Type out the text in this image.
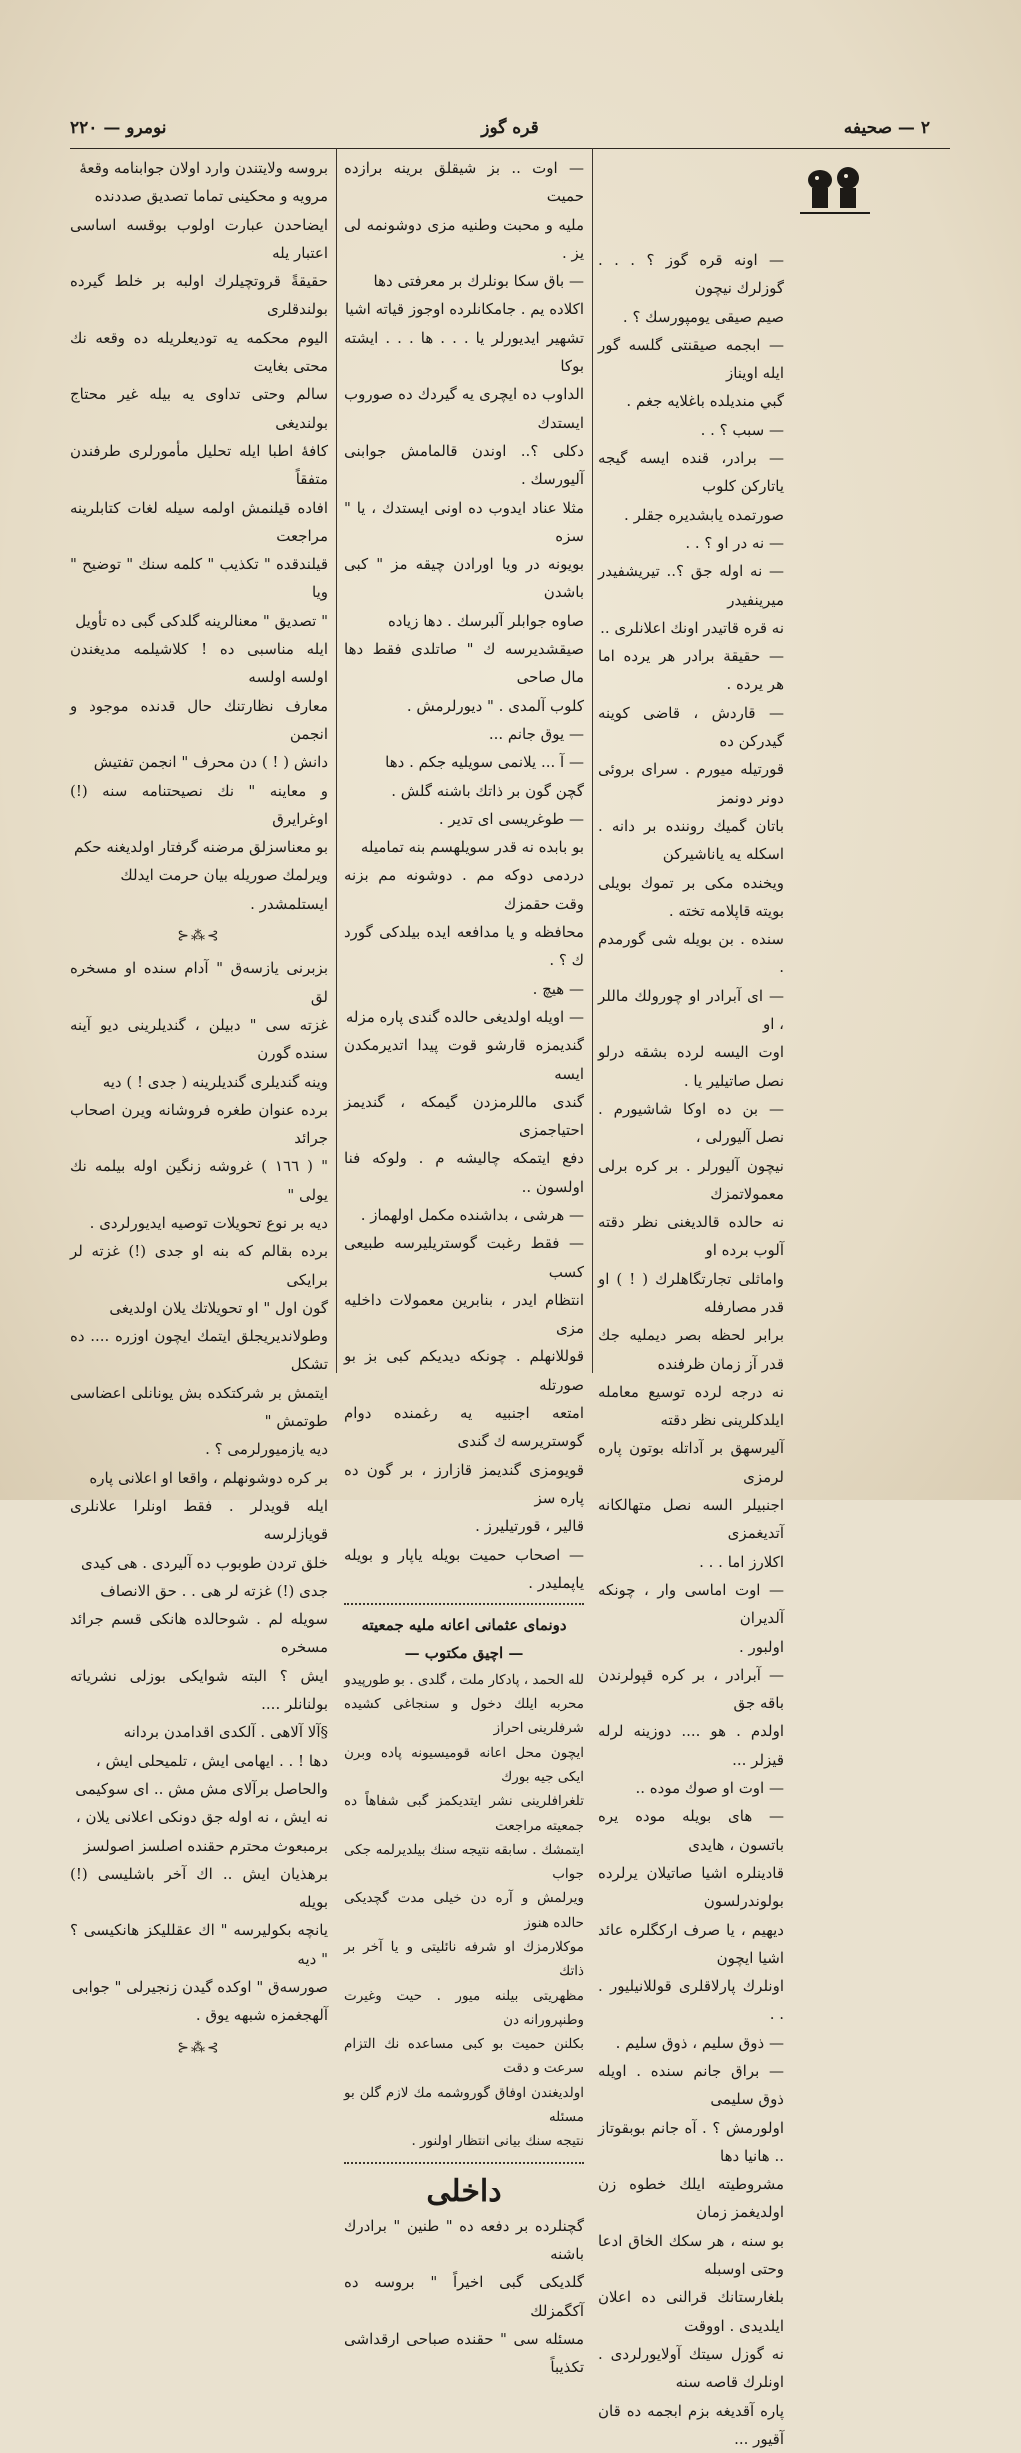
٢ — صحيفه
قره گوز
نومرو — ٢٢٠

— اونه قره گوز ؟ . . . گوزلرك نيچون

صيم صيقى يومپورسك ؟ .

— ابجمه صيقنتى گلسه گور ايله اويناز

گبي منديلده باغلايه جغم .

— سبب ؟ . .

— برادر، قنده ايسه گيجه ياتاركن كلوب

صورتمده يابشديره جقلر .

— نه در او ؟ . .

— نه اوله جق ؟.. تيريشفيدر ميرينفيدر

نه قره قاتيدر اونك اعلانلرى ..

— حقيقة برادر هر يرده اما هر يرده .

— قاردش ، قاضى كوينه گيدركن ده

قورتيله ميورم . سراى بروئى دونر دونمز

باتان گميك روننده بر دانه . اسكله يه ياناشيركن

ويخنده مكى بر تموك بويلى بويته قاپلامه تخته .

سنده . بن بويله شى گورمدم .

— اى آبرادر او چورولك ماللر ، او

اوت اليسه لرده بشقه درلو نصل صاتيلير يا .

— بن ده اوكا شاشيورم . نصل آليورلى ،

نيچون آليورلر . بر كره برلى معمولاتمزك

نه حالده قالديغنى نظر دقته آلوب برده او

واماثلى تجارتگاهلرك ( ! ) او قدر مصارفله

برابر لحظه بصر ديمليه جك قدر آز زمان ظرفنده

نه درجه لرده توسيع معامله ايلدكلرينى نظر دقته

آليرسهق بر آداتله بوتون پاره لرمزى

اجنبيلر السه نصل متهالكانه آتديغمزى

اكلارز اما . . .

— اوت اماسى وار ، چونكه آلديران

اولبور .

— آبرادر ، بر كره قپولرندن باقه جق

اولدم . هو .... دوزينه لرله قيزلر ...

— اوت او صوك موده ..

— هاى بويله موده يره باتسون ، هايدى

قادينلره اشيا صاتيلان يرلرده بولوندرلسون

ديهيم ، يا صرف اركگلره عائد اشيا ايچون

اونلرك پارلاقلرى قوللانيليور . . .

— ذوق سليم ، ذوق سليم .

— براق جانم سنده . اويله ذوق سليمى

اولورمش ؟ . آه جانم بوبقوتاز .. هانيا دها

مشروطيته ايلك خطوه زن اولديغمز زمان

بو سنه ، هر سكك الخاق ادعا وحتى اوسبله

بلغارستانك قرالنى ده اعلان ايلديدى . اووقت

نه گوزل سيتك آولايورلردى . اونلرك قاصه سنه

پاره آقديغه بزم ابجمه ده قان آقيور ...

— اوت .. بز شيقلق برينه برازده حميت

مليه و محبت وطنيه مزى دوشونمه لى يز .

— باق سكا بونلرك بر معرفتى دها

اكلاده يم . جامكانلرده اوجوز قياته اشيا

تشهير ايديورلر يا . . . ها . . . ايشته بوكا

الداوب ده ايچرى يه گيردك ده صوروب ايستدك

دكلى ؟.. اوندن قالمامش جوابنى آليورسك .

مثلا عناد ايدوب ده اونى ايستدك ، يا " سزه

بويونه در ويا اورادن چيقه مز " كبى باشدن

صاوه جوابلر آلبرسك . دها زياده

صيقشديرسه ك " صاتلدى فقط دها مال صاحى

كلوب آلمدى . " ديورلرمش .

— يوق جانم ...

— آ ... يلانمى سويليه جكم . دها

گچن گون بر ذاتك باشنه گلش .

— طوغريسى اى تدير .

بو بابده نه قدر سويلهسم بنه تماميله

دردمى دوكه مم . دوشونه مم بزنه وقت حقمزك

محافظه و يا مدافعه ايده بيلدكى گورد ك ؟ .

— هيچ .

— اويله اولديغى حالده گندى پاره مزله

گنديمزه قارشو قوت پيدا اتديرمكدن ايسه

گندى ماللرمزدن گيمكه ، گنديمز احتياجمزى

دفع ايتمكه چاليشه م . ولوكه فنا اولسون ..

— هرشى ، بداشنده مكمل اولهماز .

— فقط رغبت گوستريليرسه طبيعى كسب

انتظام ايدر ، بنابرين معمولات داخليه مزى

قوللانهلم . چونكه ديديكم كبى بز بو صورتله

امتعه اجنبيه يه رغمنده دوام گوستريرسه ك گندى

قويومزى گنديمز قازارز ، بر گون ده پاره سز

قالير ، قورتيليرز .

— اصحاب حميت بويله ياپار و بويله ياپملیدر .

دونمای عثمانى اعانه مليه جمعيته

— اچيق مكتوب —

لله الحمد ، پادكار ملت ، گلدى . بو طورپيدو

محربه ايلك دخول و سنجاغى كشيده شرفلرينى احراز

ايچون محل اعانه قوميسيونه پاده وبرن ايكى جيه بورك

تلغرافلرينى نشر ايتديكمز گبى شفاهاً ده جمعيته مراجعت

ايتمشك . سابقه نتيجه سنك بيلديرلمه جكى جواب

ويرلمش و آره دن خيلى مدت گچديكى حالده هنوز

موكلارمزك او شرفه نائليتى و يا آخر بر ذاتك

مظهريتى بيلنه ميور . حيت وغيرت وطنپرورانه دن

بكلنن حميت بو كبى مساعده نك التزام سرعت و دقت

اولديغندن اوفاق گوروشمه مك لازم گلن بو مسئله

نتيجه سنك بيانى انتظار اولنور .

داخلى

گچنلرده بر دفعه ده " طنين " برادرك باشنه

گلديكى گبى اخيراً " بروسه ده آكگمزلك

مسئله سى " حقنده صباحى ارقداشى تكذيباً

بروسه ولايتندن وارد اولان جوابنامه وقعهٔ

مرويه و محكينى تماما تصديق صددنده

ايضاحدن عبارت اولوب بوقسه اساسى اعتبار يله

حقيقةً قروتچيلرك اولبه بر خلط گيرده بولندقلرى

اليوم محكمه يه توديعلريله ده وقعه نك محتى بغايت

سالم وحتى تداوى يه بيله غير محتاج بولنديغى

كافهٔ اطبا ايله تحليل مأمورلرى طرفندن متفقاً

افاده قيلنمش اولمه سيله لغات كتابلرينه مراجعت

قيلندقده " تكذيب " كلمه سنك " توضيح " ويا

" تصديق " معنالرينه گلدكى گبى ده تأويل

ايله مناسبى ده ! كلاشيلمه مديغندن اولسه اولسه

معارف نظارتنك حال قدنده موجود و انجمن

دانش ( ! ) دن محرف " انجمن تفتيش

و معاينه " نك نصيحتنامه سنه (!) اوغرايرق

بو معناسزلق مرضنه گرفتار اولديغنه حكم

ويرلمك صوريله بيان حرمت ايدلك

ايستلمشدر .

⊱⁂⊰

بزبرنى يازسەق " آدام سنده او مسخره لق

غزته سى " دبيلن ، گنديلرينى ديو آينه سنده گورن

وينه گنديلرى گنديلرينه ( جدى ! ) ديه

برده عنوان طغره فروشانه ويرن اصحاب جرائد

" ( ١٦٦ ) غروشه زنگين اوله بيلمه نك يولى "

ديه بر نوع تحويلات توصيه ايديورلردى .

برده بقالم كه بنه او جدى (!) غزته لر برايكى

گون اول " او تحويلاتك يلان اولديغى

وطولانديريجلق ايتمك ايچون اوزره .... ده تشكل

ايتمش بر شركتكده بش يونانلى اعضاسى طوتمش "

ديه يازميورلرمى ؟ .

بر كره دوشونهلم ، واقعا او اعلانى پاره

ايله قويدلر . فقط اونلرا علانلرى قويازلرسه

خلق تردن طوبوب ده آليردى . هى كيدى

جدى (!) غزته لر هى . . حق الانصاف

سويله لم . شوحالده هانكى قسم جرائد مسخره

ايش ؟ البته شوايكى بوزلى نشرياته بولنانلر ....

§آلا آلاهى . آلكدى اقدامدن بردانه

دها ! . . ايهامى ايش ، تلميحلى ايش ،

والحاصل برآلاى مش مش .. اى سوكيمى

نه ايش ، نه اوله جق دونكى اعلانى يلان ،

برمبعوث محترم حقنده اصلسز اصولسز

برهذيان ايش .. اك آخر باشليسى (!) بويله

يانچه بكوليرسه " اك عقلليكز هانكيسى ؟ " ديه

صورسەق " اوكده گيدن زنجيرلى " جوابى

آلهجغمزه شبهه يوق .

⊱⁂⊰
